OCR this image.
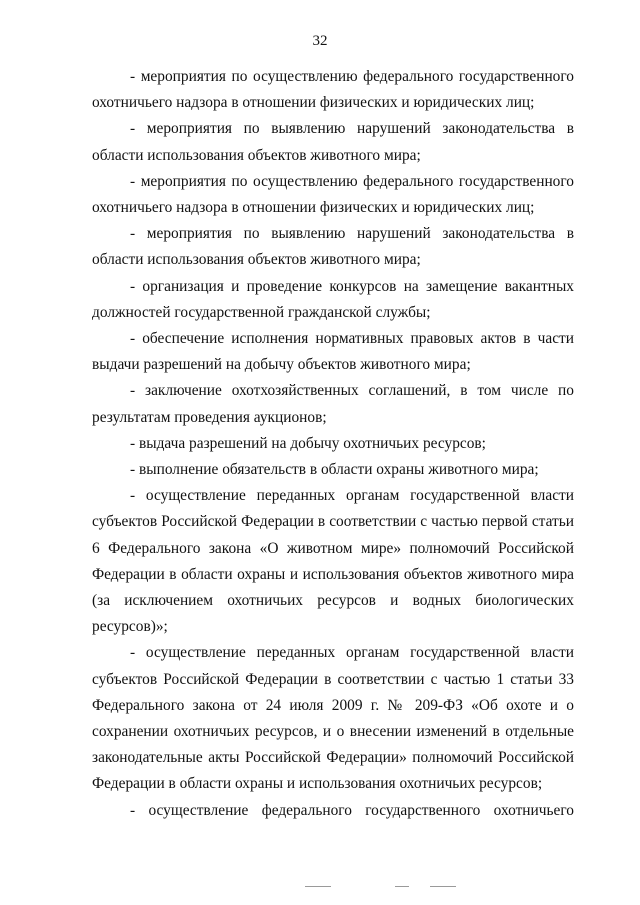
32

- мероприятия по осуществлению федерального государственного охотничьего надзора в отношении физических и юридических лиц;

- мероприятия по выявлению нарушений законодательства в области использования объектов животного мира;

- мероприятия по осуществлению федерального государственного охотничьего надзора в отношении физических и юридических лиц;

- мероприятия по выявлению нарушений законодательства в области использования объектов животного мира;

- организация и проведение конкурсов на замещение вакантных должностей государственной гражданской службы;

- обеспечение исполнения нормативных правовых актов в части выдачи разрешений на добычу объектов животного мира;

- заключение охотхозяйственных соглашений, в том числе по результатам проведения аукционов;

- выдача разрешений на добычу охотничьих ресурсов;

- выполнение обязательств в области охраны животного мира;

- осуществление переданных органам государственной власти субъектов Российской Федерации в соответствии с частью первой статьи 6 Федерального закона «О животном мире» полномочий Российской Федерации в области охраны и использования объектов животного мира (за исключением охотничьих ресурсов и водных биологических ресурсов)»;

- осуществление переданных органам государственной власти субъектов Российской Федерации в соответствии с частью 1 статьи 33 Федерального закона от 24 июля 2009 г. № 209-ФЗ «Об охоте и о сохранении охотничьих ресурсов, и о внесении изменений в отдельные законодательные акты Российской Федерации» полномочий Российской Федерации в области охраны и использования охотничьих ресурсов;

- осуществление федерального государственного охотничьего
